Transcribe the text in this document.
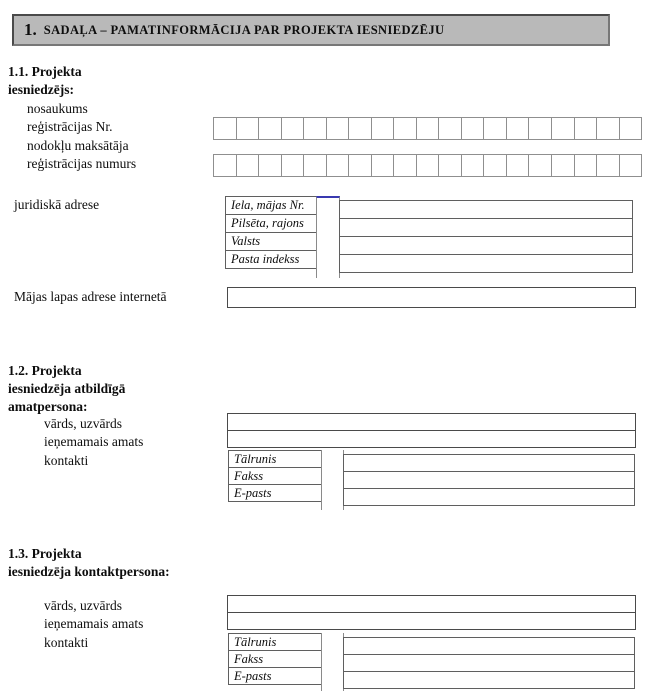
1. SADAĻA – PAMATINFORMĀCIJA PAR PROJEKTA IESNIEDZĒJU
1.1. Projekta
iesniedzējs:
nosaukums
reģistrācijas Nr.
nodokļu maksātāja
reģistrācijas numurs
juridiskā adrese	Iela, mājas Nr.
Pilsēta, rajons
Valsts
Pasta indekss
Mājas lapas adrese internetā
1.2. Projekta
iesniedzēja atbildīgā
amatpersona:
vārds, uzvārds
ieņemamais amats
kontakti	Tālrunis
Fakss
E-pasts
1.3. Projekta
iesniedzēja kontaktpersona:
vārds, uzvārds
ieņemamais amats
kontakti	Tālrunis
Fakss
E-pasts
